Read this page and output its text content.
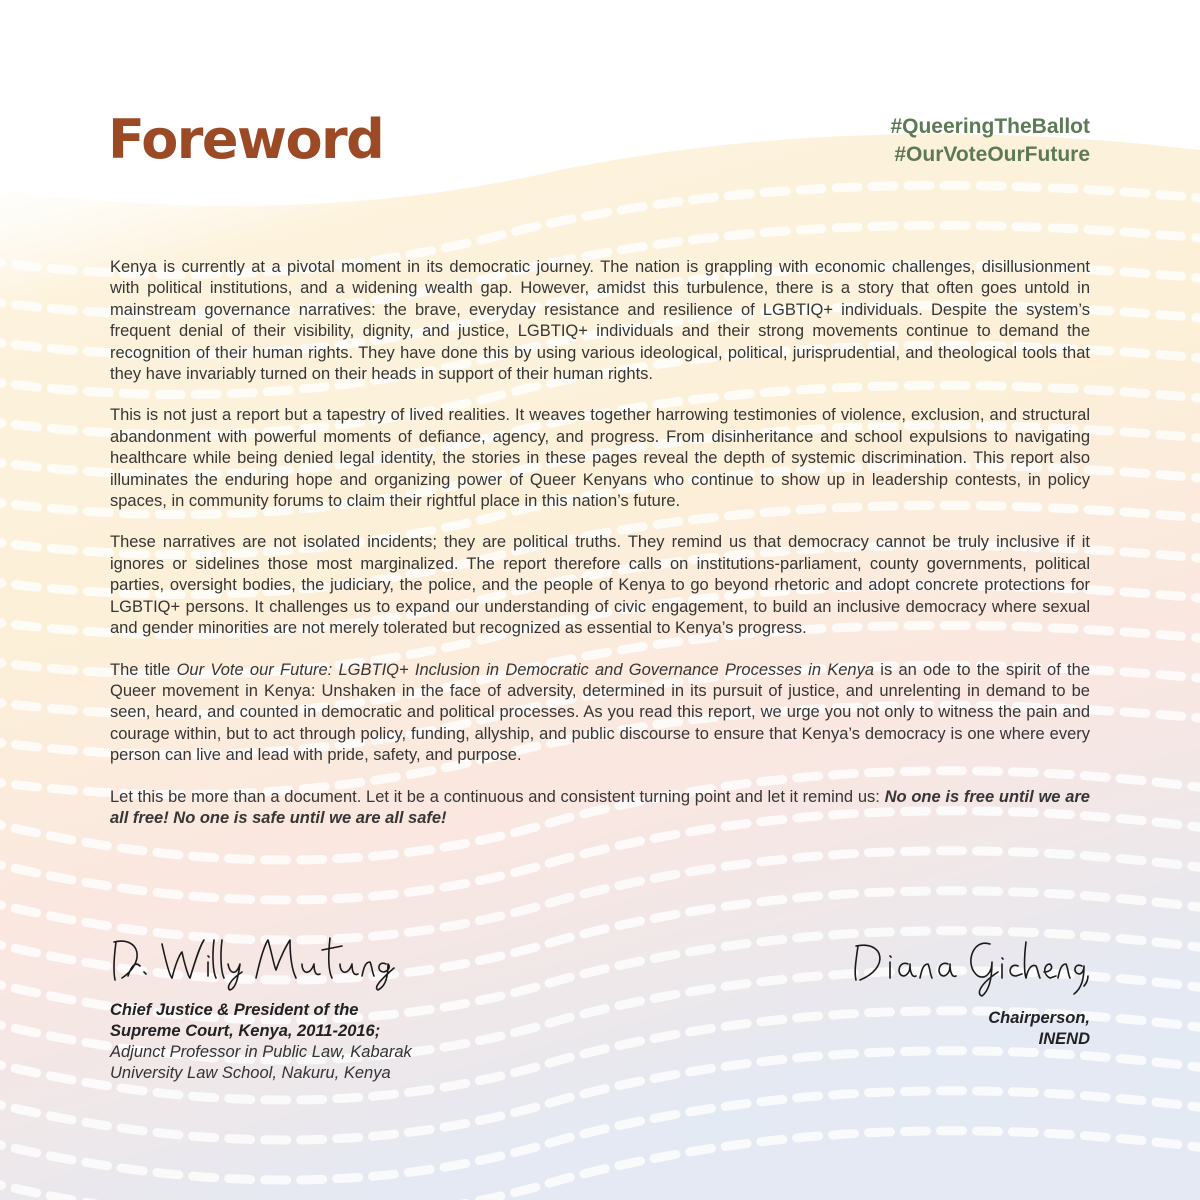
Foreword	#QueeringTheBallot
#OurVoteOurFuture

Kenya is currently at a pivotal moment in its democratic journey. The nation is grappling with economic challenges, disillusionment with political institutions, and a widening wealth gap. However, amidst this turbulence, there is a story that often goes untold in mainstream governance narratives: the brave, everyday resistance and resilience of LGBTIQ+ individuals. Despite the system’s frequent denial of their visibility, dignity, and justice, LGBTIQ+ individuals and their strong movements continue to demand the recognition of their human rights. They have done this by using various ideological, political, jurisprudential, and theological tools that they have invariably turned on their heads in support of their human rights.

This is not just a report but a tapestry of lived realities. It weaves together harrowing testimonies of violence, exclusion, and structural abandonment with powerful moments of defiance, agency, and progress. From disinheritance and school expulsions to navigating healthcare while being denied legal identity, the stories in these pages reveal the depth of systemic discrimination. This report also illuminates the enduring hope and organizing power of Queer Kenyans who continue to show up in leadership contests, in policy spaces, in community forums to claim their rightful place in this nation’s future.

These narratives are not isolated incidents; they are political truths. They remind us that democracy cannot be truly inclusive if it ignores or sidelines those most marginalized. The report therefore calls on institutions-parliament, county governments, political parties, oversight bodies, the judiciary, the police, and the people of Kenya to go beyond rhetoric and adopt concrete protections for LGBTIQ+ persons. It challenges us to expand our understanding of civic engagement, to build an inclusive democracy where sexual and gender minorities are not merely tolerated but recognized as essential to Kenya’s progress.

The title Our Vote our Future: LGBTIQ+ Inclusion in Democratic and Governance Processes in Kenya is an ode to the spirit of the Queer movement in Kenya: Unshaken in the face of adversity, determined in its pursuit of justice, and unrelenting in demand to be seen, heard, and counted in democratic and political processes. As you read this report, we urge you not only to witness the pain and courage within, but to act through policy, funding, allyship, and public discourse to ensure that Kenya’s democracy is one where every person can live and lead with pride, safety, and purpose.

Let this be more than a document. Let it be a continuous and consistent turning point and let it remind us: No one is free until we are all free! No one is safe until we are all safe!

Chief Justice & President of the
Supreme Court, Kenya, 2011-2016;
Adjunct Professor in Public Law, Kabarak
University Law School, Nakuru, Kenya
Chairperson,
INEND
